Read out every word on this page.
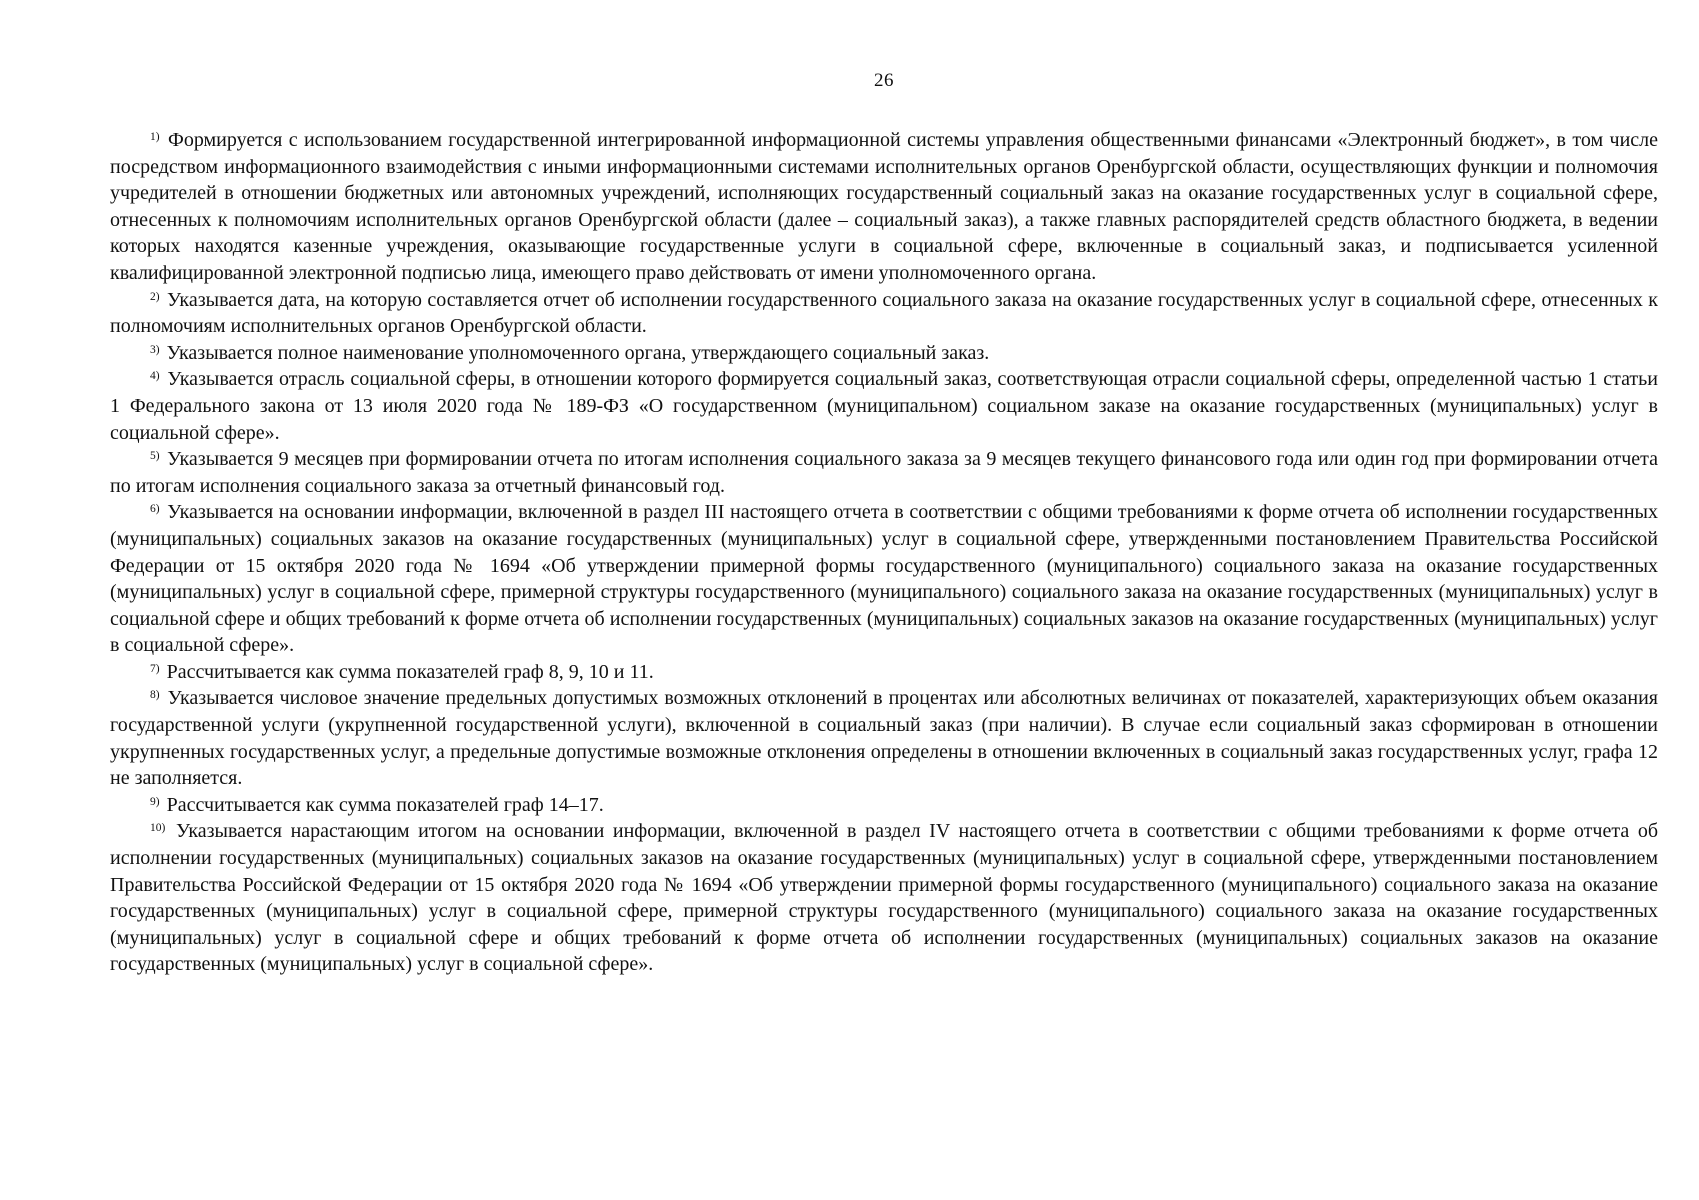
26

$^{1)}$ Формируется с использованием государственной интегрированной информационной системы управления общественными финансами «Электронный бюджет», в том числе посредством информационного взаимодействия с иными информационными системами исполнительных органов Оренбургской области, осуществляющих функции и полномочия учредителей в отношении бюджетных или автономных учреждений, исполняющих государственный социальный заказ на оказание государственных услуг в социальной сфере, отнесенных к полномочиям исполнительных органов Оренбургской области (далее – социальный заказ), а также главных распорядителей средств областного бюджета, в ведении которых находятся казенные учреждения, оказывающие государственные услуги в социальной сфере, включенные в социальный заказ, и подписывается усиленной квалифицированной электронной подписью лица, имеющего право действовать от имени уполномоченного органа.

$^{2)}$ Указывается дата, на которую составляется отчет об исполнении государственного социального заказа на оказание государственных услуг в социальной сфере, отнесенных к полномочиям исполнительных органов Оренбургской области.

$^{3)}$ Указывается полное наименование уполномоченного органа, утверждающего социальный заказ.

$^{4)}$ Указывается отрасль социальной сферы, в отношении которого формируется социальный заказ, соответствующая отрасли социальной сферы, определенной частью 1 статьи 1 Федерального закона от 13 июля 2020 года № 189-ФЗ «О государственном (муниципальном) социальном заказе на оказание государственных (муниципальных) услуг в социальной сфере».

$^{5)}$ Указывается 9 месяцев при формировании отчета по итогам исполнения социального заказа за 9 месяцев текущего финансового года или один год при формировании отчета по итогам исполнения социального заказа за отчетный финансовый год.

$^{6)}$ Указывается на основании информации, включенной в раздел III настоящего отчета в соответствии с общими требованиями к форме отчета об исполнении государственных (муниципальных) социальных заказов на оказание государственных (муниципальных) услуг в социальной сфере, утвержденными постановлением Правительства Российской Федерации от 15 октября 2020 года № 1694 «Об утверждении примерной формы государственного (муниципального) социального заказа на оказание государственных (муниципальных) услуг в социальной сфере, примерной структуры государственного (муниципального) социального заказа на оказание государственных (муниципальных) услуг в социальной сфере и общих требований к форме отчета об исполнении государственных (муниципальных) социальных заказов на оказание государственных (муниципальных) услуг в социальной сфере».

$^{7)}$ Рассчитывается как сумма показателей граф 8, 9, 10 и 11.

$^{8)}$ Указывается числовое значение предельных допустимых возможных отклонений в процентах или абсолютных величинах от показателей, характеризующих объем оказания государственной услуги (укрупненной государственной услуги), включенной в социальный заказ (при наличии). В случае если социальный заказ сформирован в отношении укрупненных государственных услуг, а предельные допустимые возможные отклонения определены в отношении включенных в социальный заказ государственных услуг, графа 12 не заполняется.

$^{9)}$ Рассчитывается как сумма показателей граф 14–17.

$^{10)}$ Указывается нарастающим итогом на основании информации, включенной в раздел IV настоящего отчета в соответствии с общими требованиями к форме отчета об исполнении государственных (муниципальных) социальных заказов на оказание государственных (муниципальных) услуг в социальной сфере, утвержденными постановлением Правительства Российской Федерации от 15 октября 2020 года № 1694 «Об утверждении примерной формы государственного (муниципального) социального заказа на оказание государственных (муниципальных) услуг в социальной сфере, примерной структуры государственного (муниципального) социального заказа на оказание государственных (муниципальных) услуг в социальной сфере и общих требований к форме отчета об исполнении государственных (муниципальных) социальных заказов на оказание государственных (муниципальных) услуг в социальной сфере».
